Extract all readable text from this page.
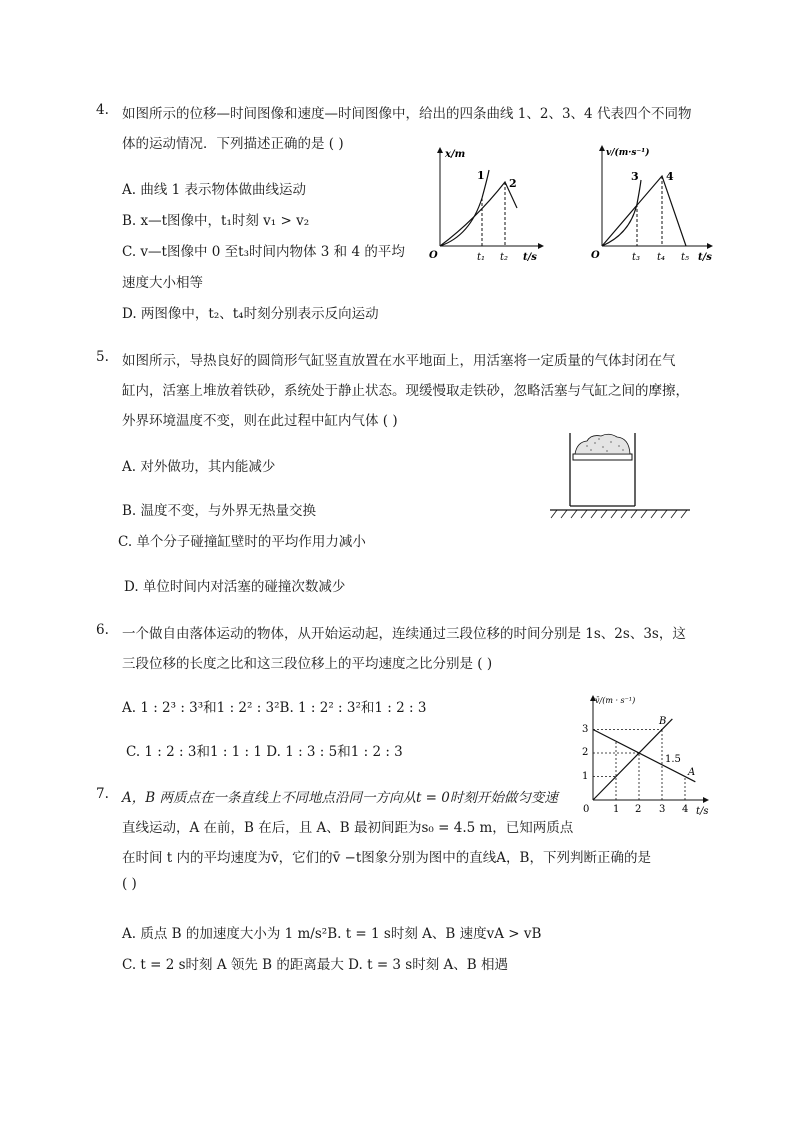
4. 如图所示的位移—时间图像和速度—时间图像中，给出的四条曲线 1、2、3、4 代表四个不同物
体的运动情况．下列描述正确的是 ( )
A. 曲线 1 表示物体做曲线运动
B. x—t图像中，t₁时刻 v₁ > v₂
C. v—t图像中 0 至t₃时间内物体 3 和 4 的平均
速度大小相等
D. 两图像中，t₂、t₄时刻分别表示反向运动
x/m
t/s
O	t₁ t₂
1
2
v/(m·s⁻¹)
t/s
O	t₃ t₄ t₅
3 4
5. 如图所示，导热良好的圆筒形气缸竖直放置在水平地面上，用活塞将一定质量的气体封闭在气
缸内，活塞上堆放着铁砂，系统处于静止状态。现缓慢取走铁砂，忽略活塞与气缸之间的摩擦，
外界环境温度不变，则在此过程中缸内气体 ( )
A. 对外做功，其内能减少
B. 温度不变，与外界无热量交换
C. 单个分子碰撞缸壁时的平均作用力减小
D. 单位时间内对活塞的碰撞次数减少
6. 一个做自由落体运动的物体，从开始运动起，连续通过三段位移的时间分别是 1s、2s、3s，这
三段位移的长度之比和这三段位移上的平均速度之比分别是 ( )
A. 1 : 2³ : 3³和1 : 2² : 3²B. 1 : 2² : 3²和1 : 2 : 3
C. 1 : 2 : 3和1 : 1 : 1 D. 1 : 3 : 5和1 : 2 : 3
v̄/(m · s⁻¹)
t/s
0 1 2 3 4
1
2
3
B
A
1.5
7. A，B 两质点在一条直线上不同地点沿同一方向从t = 0时刻开始做匀变速
直线运动，A 在前，B 在后，且 A、B 最初间距为s₀ = 4.5 m，已知两质点
在时间 t 内的平均速度为v̄，它们的v̄ −t图象分别为图中的直线A，B，下列判断正确的是
( )
A. 质点 B 的加速度大小为 1 m/s²B. t = 1 s时刻 A、B 速度vA > vB
C. t = 2 s时刻 A 领先 B 的距离最大 D. t = 3 s时刻 A、B 相遇
